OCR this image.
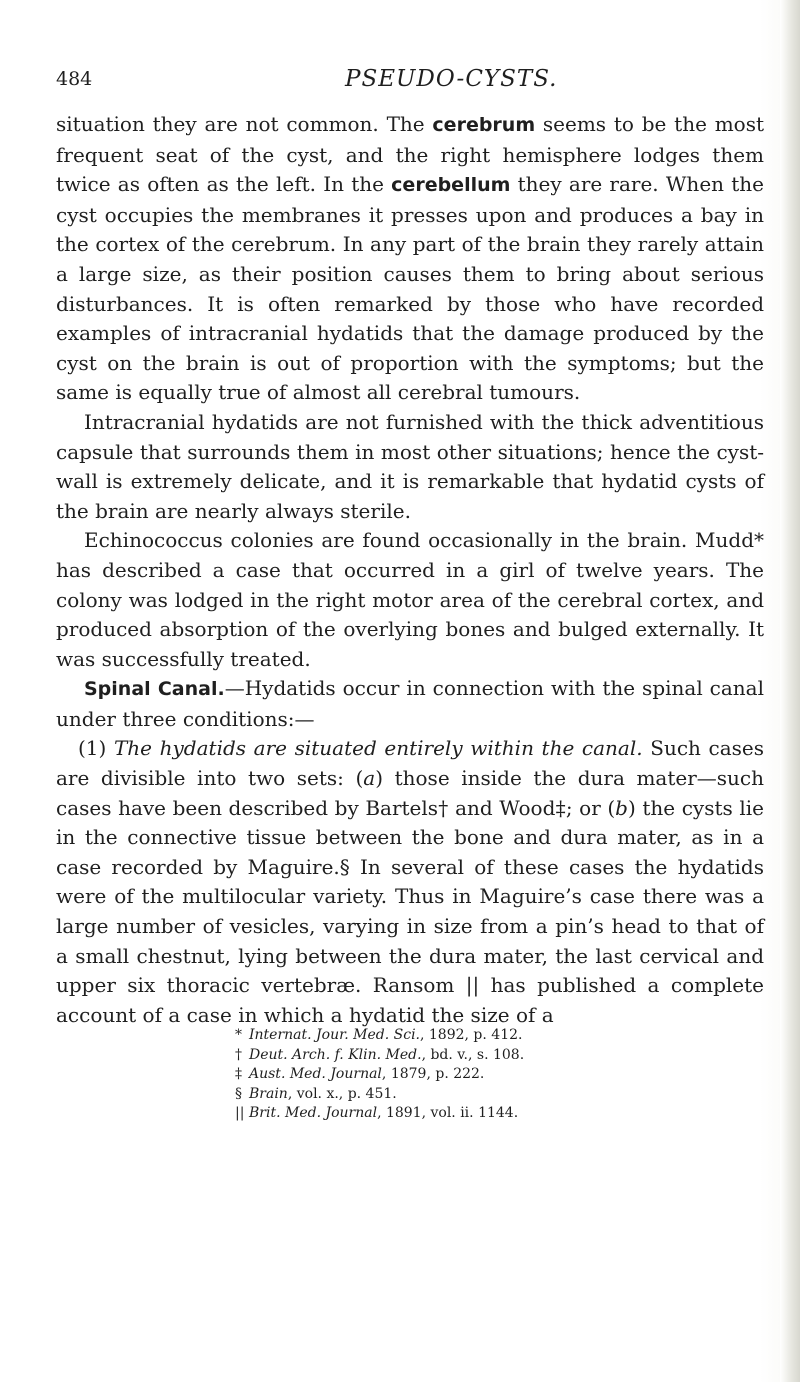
484	PSEUDO-CYSTS.

situation they are not common. The cerebrum seems to be the most frequent seat of the cyst, and the right hemisphere lodges them twice as often as the left. In the cerebellum they are rare. When the cyst occupies the membranes it presses upon and produces a bay in the cortex of the cerebrum. In any part of the brain they rarely attain a large size, as their position causes them to bring about serious disturbances. It is often remarked by those who have recorded examples of intracranial hydatids that the damage produced by the cyst on the brain is out of proportion with the symptoms; but the same is equally true of almost all cerebral tumours.

Intracranial hydatids are not furnished with the thick adventitious capsule that surrounds them in most other situations; hence the cyst-wall is extremely delicate, and it is remarkable that hydatid cysts of the brain are nearly always sterile.

Echinococcus colonies are found occasionally in the brain. Mudd* has described a case that occurred in a girl of twelve years. The colony was lodged in the right motor area of the cerebral cortex, and produced absorption of the overlying bones and bulged externally. It was successfully treated.

Spinal Canal.—Hydatids occur in connection with the spinal canal under three conditions:—

(1) The hydatids are situated entirely within the canal. Such cases are divisible into two sets: (a) those inside the dura mater—such cases have been described by Bartels† and Wood‡; or (b) the cysts lie in the connective tissue between the bone and dura mater, as in a case recorded by Maguire.§ In several of these cases the hydatids were of the multilocular variety. Thus in Maguire’s case there was a large number of vesicles, varying in size from a pin’s head to that of a small chestnut, lying between the dura mater, the last cervical and upper six thoracic vertebræ. Ransom || has published a complete account of a case in which a hydatid the size of a

* Internat. Jour. Med. Sci., 1892, p. 412.

† Deut. Arch. f. Klin. Med., bd. v., s. 108.

‡ Aust. Med. Journal, 1879, p. 222.

§ Brain, vol. x., p. 451.

|| Brit. Med. Journal, 1891, vol. ii. 1144.
